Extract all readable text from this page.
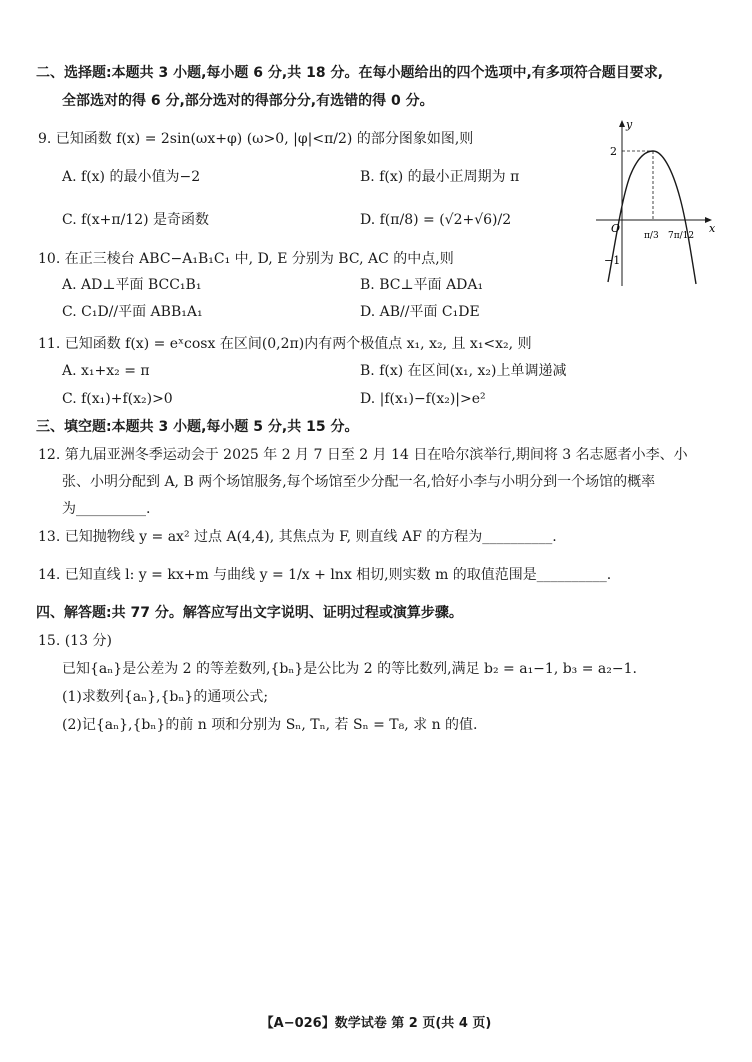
二、选择题:本题共 3 小题,每小题 6 分,共 18 分。在每小题给出的四个选项中,有多项符合题目要求,
全部选对的得 6 分,部分选对的得部分分,有选错的得 0 分。
9. 已知函数 f(x) = 2sin(ωx+φ) (ω>0, |φ|<π/2) 的部分图象如图,则
A. f(x) 的最小值为−2	B. f(x) 的最小正周期为 π
C. f(x+π/12) 是奇函数	D. f(π/8) = (√2+√6)/2
y
x
O
2
−1
π/3 7π/12
10. 在正三棱台 ABC−A₁B₁C₁ 中, D, E 分别为 BC, AC 的中点,则
A. AD⊥平面 BCC₁B₁	B. BC⊥平面 ADA₁
C. C₁D//平面 ABB₁A₁	D. AB//平面 C₁DE
11. 已知函数 f(x) = eˣcosx 在区间(0,2π)内有两个极值点 x₁, x₂, 且 x₁<x₂, 则
A. x₁+x₂ = π	B. f(x) 在区间(x₁, x₂)上单调递减
C. f(x₁)+f(x₂)>0	D. |f(x₁)−f(x₂)|>e²
三、填空题:本题共 3 小题,每小题 5 分,共 15 分。
12. 第九届亚洲冬季运动会于 2025 年 2 月 7 日至 2 月 14 日在哈尔滨举行,期间将 3 名志愿者小李、小
张、小明分配到 A, B 两个场馆服务,每个场馆至少分配一名,恰好小李与小明分到一个场馆的概率
为__________.
13. 已知抛物线 y = ax² 过点 A(4,4), 其焦点为 F, 则直线 AF 的方程为__________.
14. 已知直线 l: y = kx+m 与曲线 y = 1/x + lnx 相切,则实数 m 的取值范围是__________.
四、解答题:共 77 分。解答应写出文字说明、证明过程或演算步骤。
15. (13 分)
已知{aₙ}是公差为 2 的等差数列,{bₙ}是公比为 2 的等比数列,满足 b₂ = a₁−1, b₃ = a₂−1.
(1)求数列{aₙ},{bₙ}的通项公式;
(2)记{aₙ},{bₙ}的前 n 项和分别为 Sₙ, Tₙ, 若 Sₙ = T₈, 求 n 的值.
【A−026】数学试卷 第 2 页(共 4 页)
